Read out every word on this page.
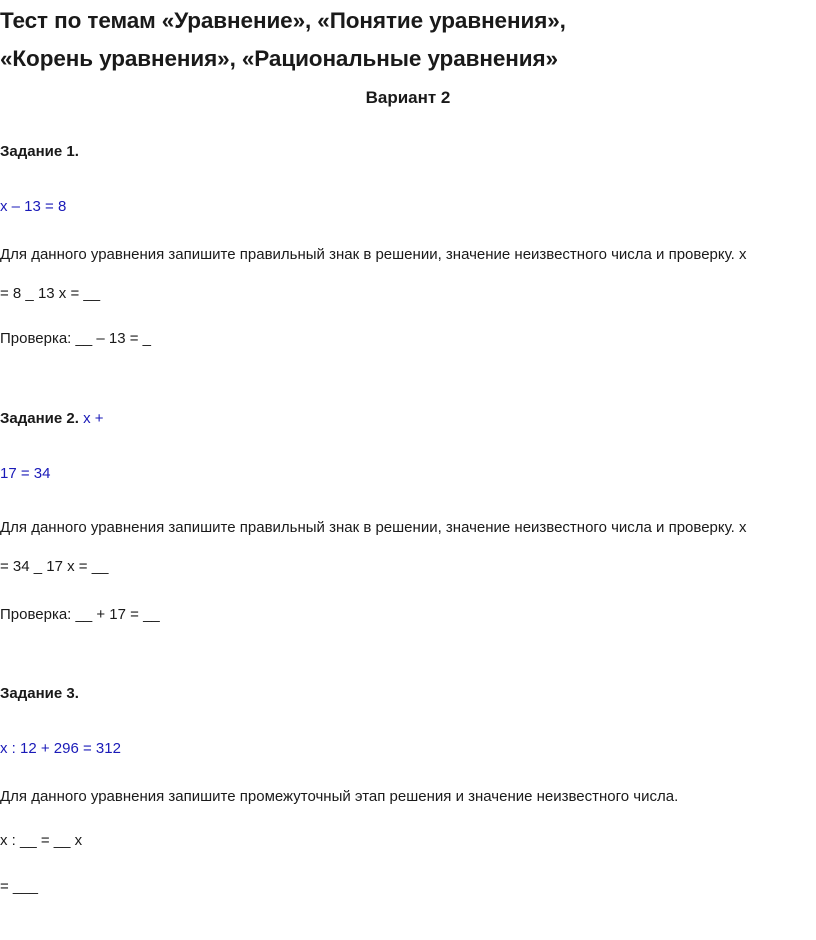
Тест по темам «Уравнение», «Понятие уравнения»,
«Корень уравнения», «Рациональные уравнения»
Вариант 2
Задание 1.
x – 13 = 8
Для данного уравнения запишите правильный знак в решении, значение неизвестного числа и проверку. x
= 8 _ 13 x = __
Проверка: __ – 13 = _
Задание 2. x +
17 = 34
Для данного уравнения запишите правильный знак в решении, значение неизвестного числа и проверку. x
= 34 _ 17 x = __
Проверка: __ + 17 = __
Задание 3.
x : 12 + 296 = 312
Для данного уравнения запишите промежуточный этап решения и значение неизвестного числа.
x : __ = __ x
= ___
